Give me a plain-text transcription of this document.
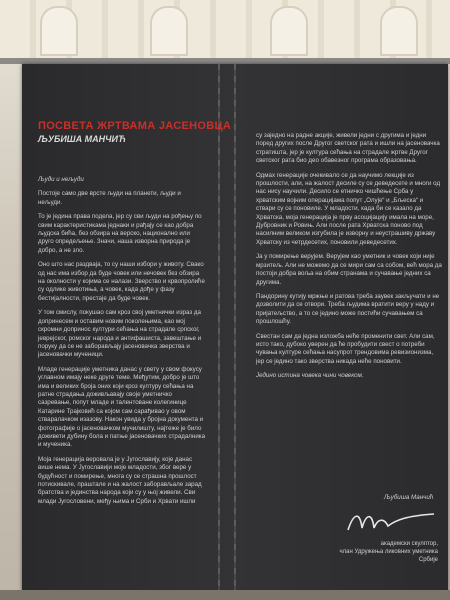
ПОСВЕТА ЖРТВАМА ЈАСЕНОВЦА
ЉУБИША МАНЧИЋ

Људи и нељуди

Постоје само две врсте људи на планети, људи и нељуди.

То је једина права подела, јер су сви људи на рођењу по свим карактеристикама једнаки и рађају се као добра људска бића, без обзира на верско, национално или друго опредељење. Значи, наша изворна природа је добро, а не зло.

Оно што нас раздваја, то су наши избори у животу. Свако од нас има избор да буде човек или нечовек без обзира на околности у којима се налази. Зверство и крвопролиће су одлике животиња, а човек, када дође у фазу бестијалности, престаје да буде човек.

У том смислу, покушао сам кроз свој уметнички израз да допринесем и оставим новим поколењима, као мој скромни допринос култури сећања на страдале српског, јеврејског, ромског народа и антифашиста, завештање и поруку да се не заборављају јасеновачка зверства и јасеновачки мученици.

Младе генерације уметника данас у свету у свом фокусу углавном имају неке друге теме. Међутим, добро је што има и великих броја оних који кроз културу сећања на ратне страдања доживљавају своје уметничко сазревање, попут младе и талентоване колегинице Катарине Трајковић са којом сам сарађивао у овом стваралачком изазову. Након увида у бројна документа и фотографије о јасеновачком мучилишту, најтеже је било доживети дубину бола и патње јасеновачких страдалника и мученика.

Моја генерација веровала је у Југославију, које данас више нема. У Југославији моје младости, због вере у будућност и помирење, многа су се страшна прошлост потискивале, праштале и на жалост заборављале зарад братства и јединства народа који су у њој живели. Сви млади Југословени, међу њима и Срби и Хрвати ишли

су заједно на радне акције, живели једни с другима и једни поред других после Другог светског рата и ишли на јасеновачка стратишта, јер је култура сећања на страдале жртве Другог светског рата био део обавезног програма образовања.

Одмах генерације очекивало се да научимо лекције из прошлости, али, на жалост десиле су се деведесете и многи од нас нису научили. Десило се етничко чишћење Срба у хрватским војним операцијама попут „Олује“ и „Бљеска“ и ствари су се поновиле. У младости, када би се казало да Хрватска, моја генерација је прву асоцијацију имала на море, Дубровник и Ровињ. Али после рата Хрватска поново под насилним великом изгубила је изворну и неустрашиву државу Хрватску из четрдесетих, поновили деведесетих.

Ја у помирење верујем. Верујем као уметник и човек који није мрзитељ. Али не можемо да се мири сам са собом, већ мора да постоји добра воља на обим странама и сучавање једних са другима.

Пандорину кутију мржње и ратова треба заувек закључати и не дозволити да се отвори. Треба људима вратити веру у наду и пријатељство, а то се једино може постићи сучавањем са прошлошћу.

Свестан сам да једна изложба неће променити свет. Али сам, исто тако, дубоко уверен да ће пробудити свест о потреби чувања културе сећања насупрот трендовима ревизионизма, јер се једино тако зверства никада неће поновити.

Једино истина човека чини човеком.

Љубиша Манчић
академски скулптор,
члан Удружења ликовних уметника Србије
